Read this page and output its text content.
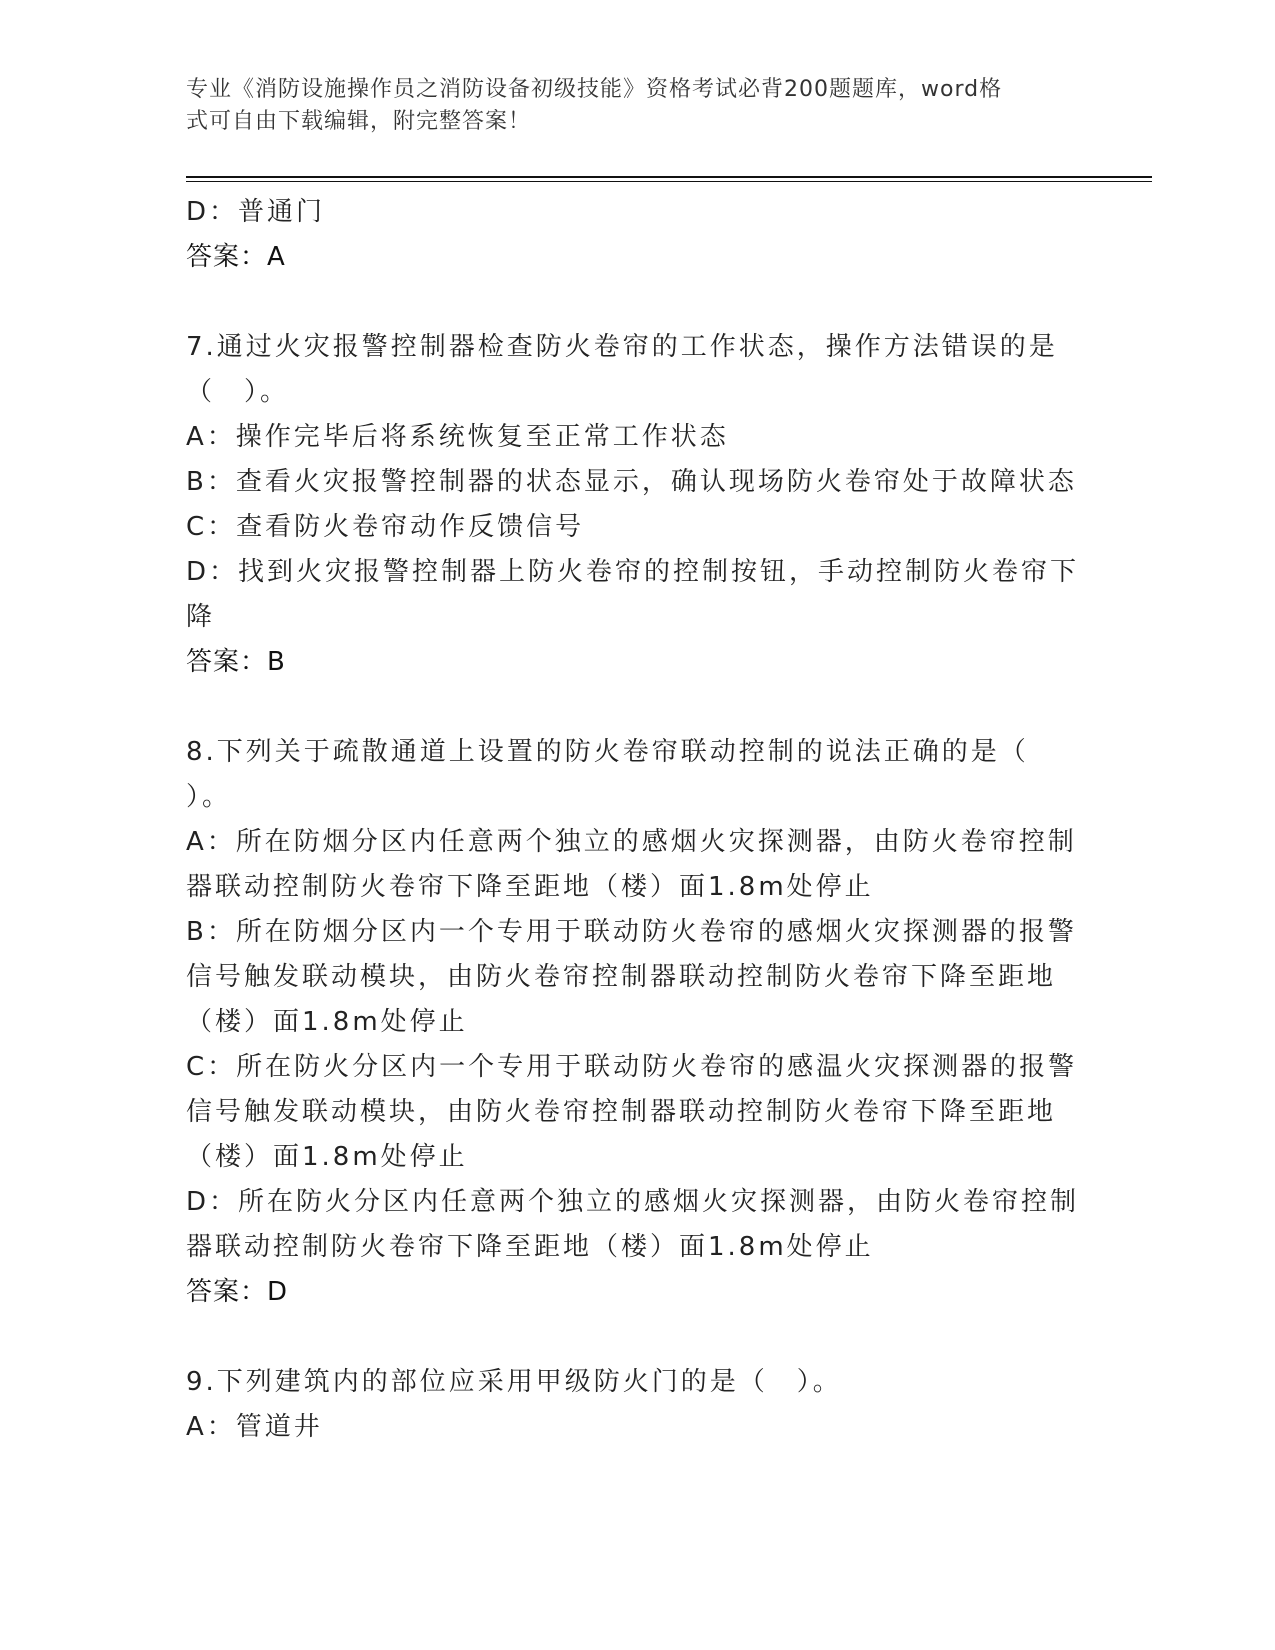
专业《消防设施操作员之消防设备初级技能》资格考试必背200题题库，word格
式可自由下载编辑，附完整答案！

D：普通门

答案：A

7.通过火灾报警控制器检查防火卷帘的工作状态，操作方法错误的是

（　）。

A：操作完毕后将系统恢复至正常工作状态

B：查看火灾报警控制器的状态显示，确认现场防火卷帘处于故障状态

C：查看防火卷帘动作反馈信号

D：找到火灾报警控制器上防火卷帘的控制按钮，手动控制防火卷帘下

降

答案：B

8.下列关于疏散通道上设置的防火卷帘联动控制的说法正确的是（

）。

A：所在防烟分区内任意两个独立的感烟火灾探测器，由防火卷帘控制

器联动控制防火卷帘下降至距地（楼）面1.8m处停止

B：所在防烟分区内一个专用于联动防火卷帘的感烟火灾探测器的报警

信号触发联动模块，由防火卷帘控制器联动控制防火卷帘下降至距地

（楼）面1.8m处停止

C：所在防火分区内一个专用于联动防火卷帘的感温火灾探测器的报警

信号触发联动模块，由防火卷帘控制器联动控制防火卷帘下降至距地

（楼）面1.8m处停止

D：所在防火分区内任意两个独立的感烟火灾探测器，由防火卷帘控制

器联动控制防火卷帘下降至距地（楼）面1.8m处停止

答案：D

9.下列建筑内的部位应采用甲级防火门的是（　）。

A：管道井
